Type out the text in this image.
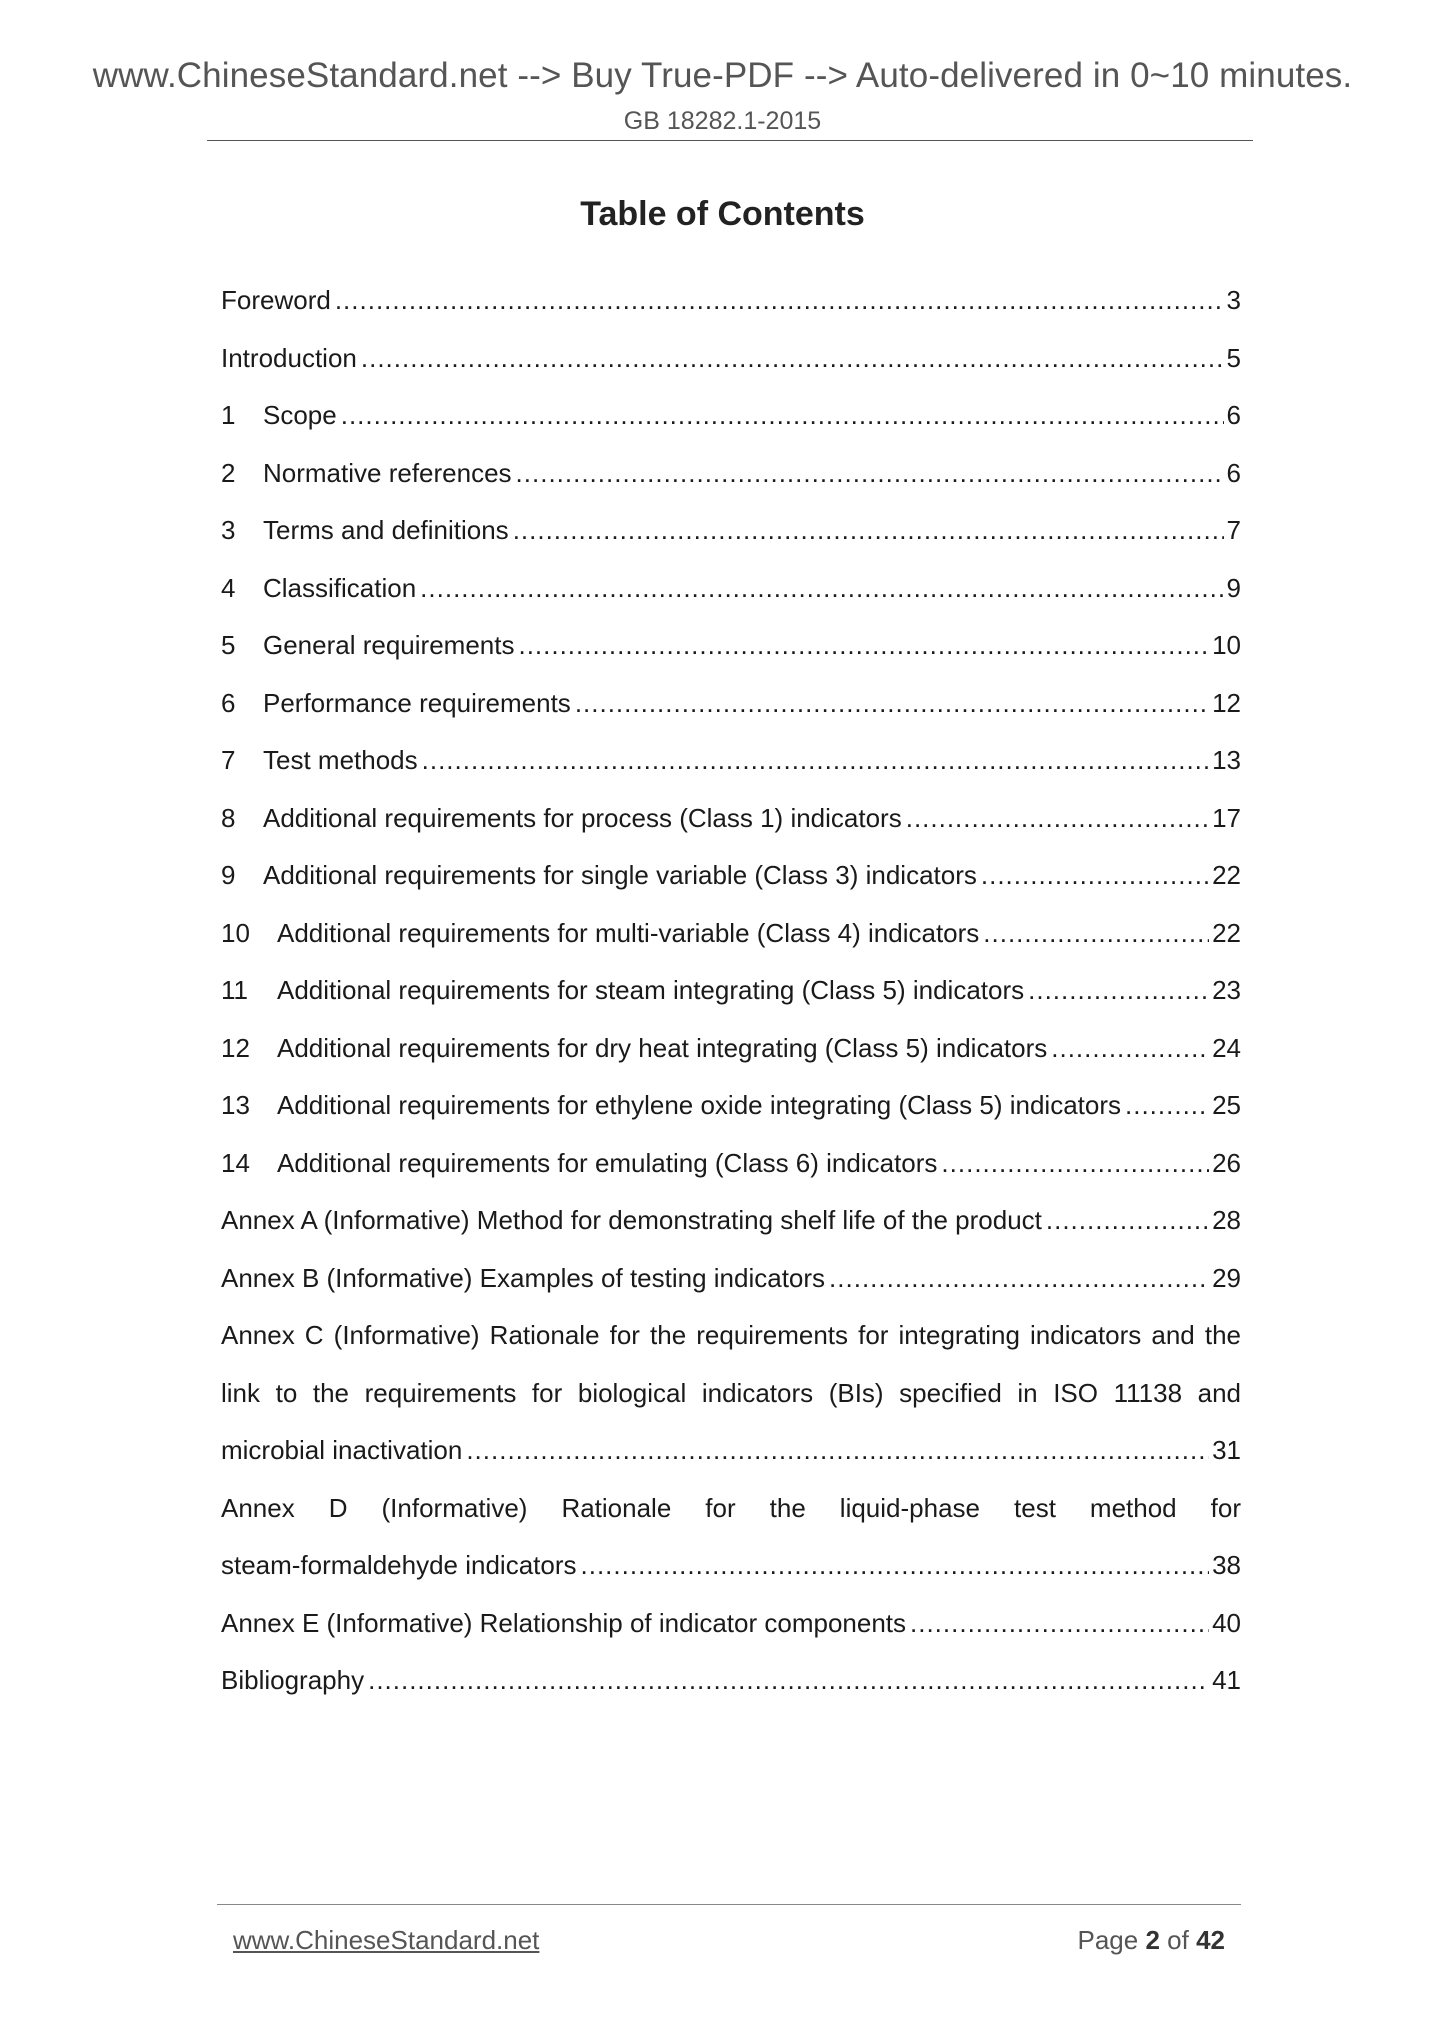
www.ChineseStandard.net --> Buy True-PDF --> Auto-delivered in 0~10 minutes.
GB 18282.1-2015
Table of Contents
Foreword .....	3
Introduction .....	5
1	Scope .....	6
2	Normative references .....	6
3	Terms and definitions .....	7
4	Classification .....	9
5	General requirements .....	10
6	Performance requirements .....	12
7	Test methods .....	13
8	Additional requirements for process (Class 1) indicators .....	17
9	Additional requirements for single variable (Class 3) indicators .....	22
10	Additional requirements for multi-variable (Class 4) indicators .....	22
11	Additional requirements for steam integrating (Class 5) indicators .....	23
12	Additional requirements for dry heat integrating (Class 5) indicators .....	24
13	Additional requirements for ethylene oxide integrating (Class 5) indicators .....	25
14	Additional requirements for emulating (Class 6) indicators .....	26
Annex A (Informative) Method for demonstrating shelf life of the product .....	28
Annex B (Informative) Examples of testing indicators .....	29
Annex C (Informative) Rationale for the requirements for integrating indicators and the
link to the requirements for biological indicators (BIs) specified in ISO 11138 and
microbial inactivation .....	31
Annex D (Informative) Rationale for the liquid-phase test method for
steam-formaldehyde indicators .....	38
Annex E (Informative) Relationship of indicator components .....	40
Bibliography .....	41
www.ChineseStandard.net	Page 2 of 42
